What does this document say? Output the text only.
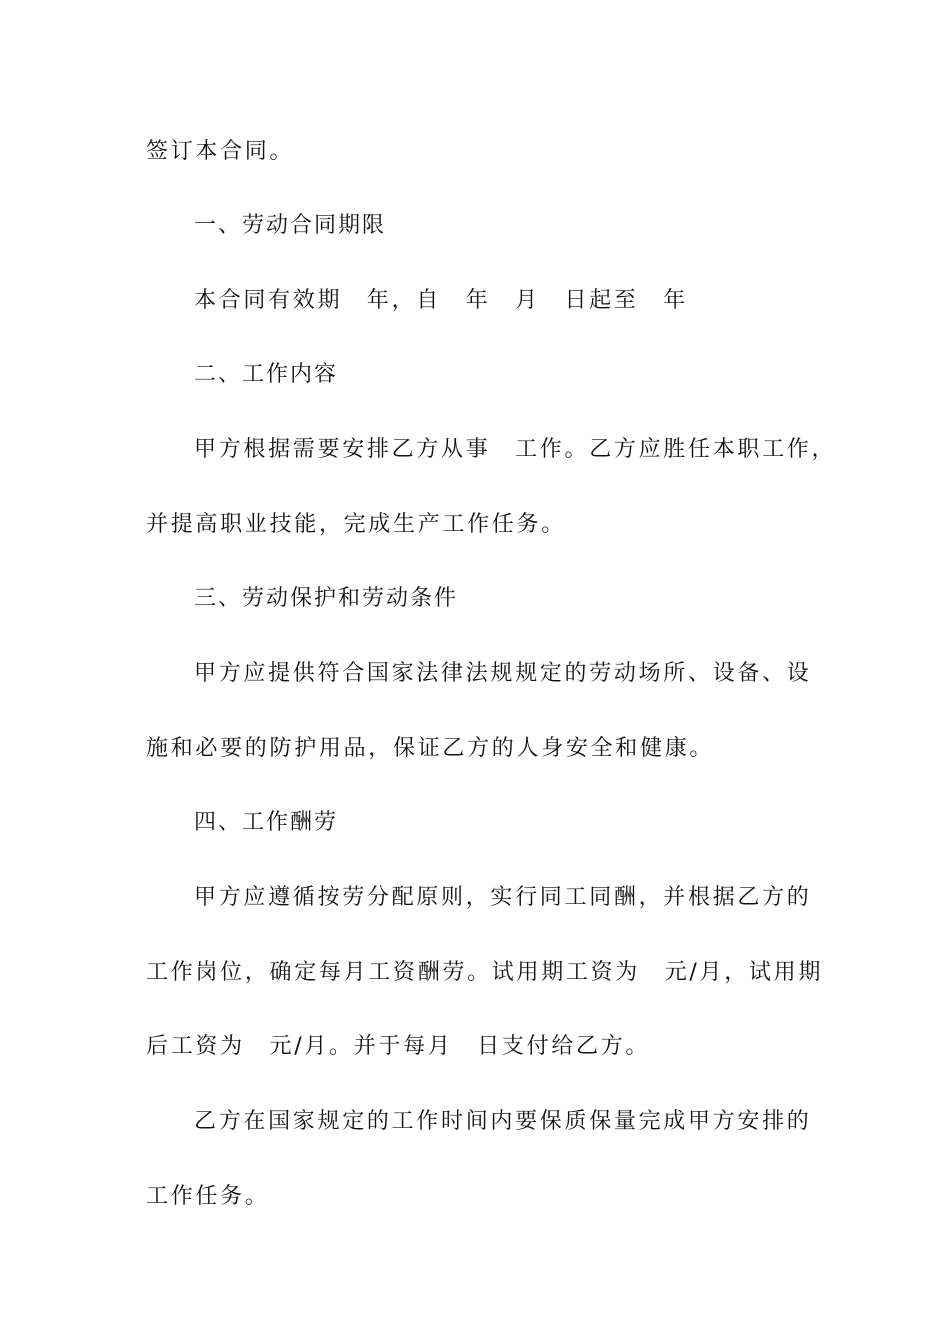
签订本合同。
一、劳动合同期限
本合同有效期　年，自　年　月　日起至　年
二、工作内容
甲方根据需要安排乙方从事　工作。乙方应胜任本职工作，
并提高职业技能，完成生产工作任务。
三、劳动保护和劳动条件
甲方应提供符合国家法律法规规定的劳动场所、设备、设
施和必要的防护用品，保证乙方的人身安全和健康。
四、工作酬劳
甲方应遵循按劳分配原则，实行同工同酬，并根据乙方的
工作岗位，确定每月工资酬劳。试用期工资为　元/月，试用期
后工资为　元/月。并于每月　日支付给乙方。
乙方在国家规定的工作时间内要保质保量完成甲方安排的
工作任务。
